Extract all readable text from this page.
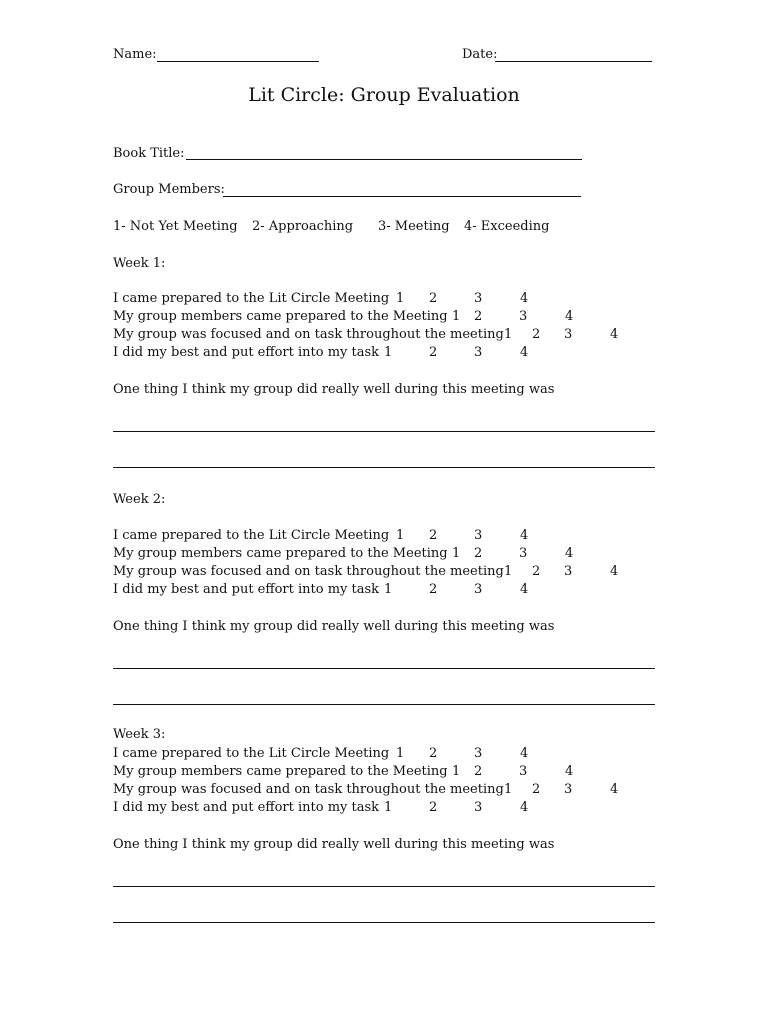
Name:	Date:
Lit Circle: Group Evaluation
Book Title:
Group Members:
1- Not Yet Meeting 2- Approaching 3- Meeting 4- Exceeding
Week 1:
I came prepared to the Lit Circle Meeting 1 2	3	4
My group members came prepared to the Meeting 1 2	3	4
My group was focused and on task throughout the meeting 1 2 3	4
I did my best and put effort into my task 1	2	3	4
One thing I think my group did really well during this meeting was
Week 2:
I came prepared to the Lit Circle Meeting 1 2	3	4
My group members came prepared to the Meeting 1 2	3	4
My group was focused and on task throughout the meeting 1 2 3	4
I did my best and put effort into my task 1	2	3	4
One thing I think my group did really well during this meeting was
Week 3:
I came prepared to the Lit Circle Meeting 1 2	3	4
My group members came prepared to the Meeting 1 2	3	4
My group was focused and on task throughout the meeting 1 2 3	4
I did my best and put effort into my task 1	2	3	4
One thing I think my group did really well during this meeting was
